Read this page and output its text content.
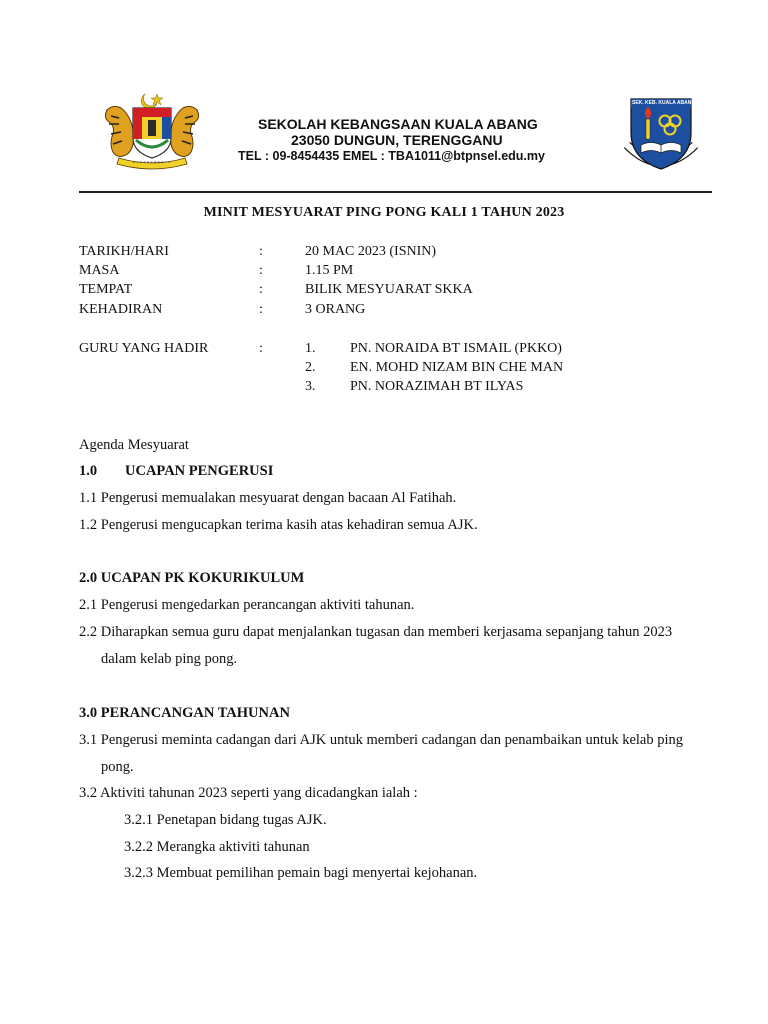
SEKOLAH KEBANGSAAN KUALA ABANG
23050 DUNGUN, TERENGGANU
TEL : 09-8454435 EMEL : TBA1011@btpnsel.edu.my
SEK. KEB. KUALA ABANG
MINIT MESYUARAT PING PONG KALI 1 TAHUN 2023
TARIKH/HARI	:	20 MAC 2023 (ISNIN)
MASA	:	1.15 PM
TEMPAT	:	BILIK MESYUARAT SKKA
KEHADIRAN	:	3 ORANG
GURU YANG HADIR	:	1. PN. NORAIDA BT ISMAIL (PKKO)
2. EN. MOHD NIZAM BIN CHE MAN
3. PN. NORAZIMAH BT ILYAS
Agenda Mesyuarat
1.0 UCAPAN PENGERUSI
1.1 Pengerusi memualakan mesyuarat dengan bacaan Al Fatihah.
1.2 Pengerusi mengucapkan terima kasih atas kehadiran semua AJK.
2.0 UCAPAN PK KOKURIKULUM
2.1 Pengerusi mengedarkan perancangan aktiviti tahunan.
2.2 Diharapkan semua guru dapat menjalankan tugasan dan memberi kerjasama sepanjang tahun 2023
dalam kelab ping pong.
3.0 PERANCANGAN TAHUNAN
3.1 Pengerusi meminta cadangan dari AJK untuk memberi cadangan dan penambaikan untuk kelab ping
pong.
3.2 Aktiviti tahunan 2023 seperti yang dicadangkan ialah :
3.2.1 Penetapan bidang tugas AJK.
3.2.2 Merangka aktiviti tahunan
3.2.3 Membuat pemilihan pemain bagi menyertai kejohanan.
